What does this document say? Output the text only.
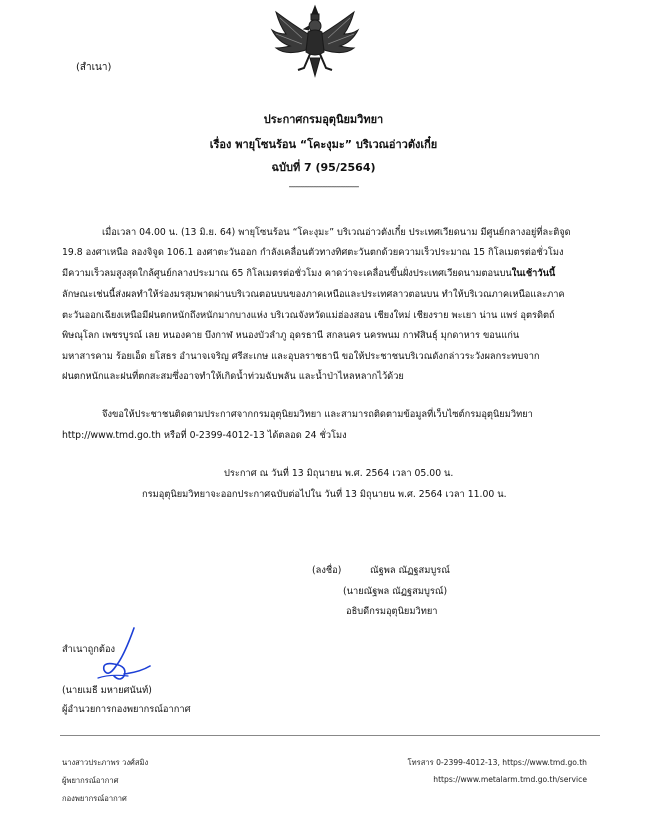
(สำเนา)
ประกาศกรมอุตุนิยมวิทยา
เรื่อง พายุโซนร้อน “โคะงุมะ” บริเวณอ่าวตังเกี๋ย
ฉบับที่ 7 (95/2564)
-------------------------------
เมื่อเวลา 04.00 น. (13 มิ.ย. 64) พายุโซนร้อน “โคะงุมะ” บริเวณอ่าวตังเกี๋ย ประเทศเวียดนาม มีศูนย์กลางอยู่ที่ละติจูด
19.8 องศาเหนือ ลองจิจูด 106.1 องศาตะวันออก กำลังเคลื่อนตัวทางทิศตะวันตกด้วยความเร็วประมาณ 15 กิโลเมตรต่อชั่วโมง
มีความเร็วลมสูงสุดใกล้ศูนย์กลางประมาณ 65 กิโลเมตรต่อชั่วโมง คาดว่าจะเคลื่อนขึ้นฝั่งประเทศเวียดนามตอนบนในเช้าวันนี้
ลักษณะเช่นนี้ส่งผลทำให้ร่องมรสุมพาดผ่านบริเวณตอนบนของภาคเหนือและประเทศลาวตอนบน ทำให้บริเวณภาคเหนือและภาค
ตะวันออกเฉียงเหนือมีฝนตกหนักถึงหนักมากบางแห่ง บริเวณจังหวัดแม่ฮ่องสอน เชียงใหม่ เชียงราย พะเยา น่าน แพร่ อุตรดิตถ์
พิษณุโลก เพชรบูรณ์ เลย หนองคาย บึงกาฬ หนองบัวลำภู อุดรธานี สกลนคร นครพนม กาฬสินธุ์ มุกดาหาร ขอนแก่น
มหาสารคาม ร้อยเอ็ด ยโสธร อำนาจเจริญ ศรีสะเกษ และอุบลราชธานี ขอให้ประชาชนบริเวณดังกล่าวระวังผลกระทบจาก
ฝนตกหนักและฝนที่ตกสะสมซึ่งอาจทำให้เกิดน้ำท่วมฉับพลัน และน้ำป่าไหลหลากไว้ด้วย
จึงขอให้ประชาชนติดตามประกาศจากกรมอุตุนิยมวิทยา และสามารถติดตามข้อมูลที่เว็บไซต์กรมอุตุนิยมวิทยา
http://www.tmd.go.th หรือที่ 0-2399-4012-13 ได้ตลอด 24 ชั่วโมง
ประกาศ ณ วันที่ 13 มิถุนายน พ.ศ. 2564 เวลา 05.00 น.
กรมอุตุนิยมวิทยาจะออกประกาศฉบับต่อไปใน วันที่ 13 มิถุนายน พ.ศ. 2564 เวลา 11.00 น.
(ลงชื่อ)	ณัฐพล ณัฏฐสมบูรณ์
(นายณัฐพล ณัฏฐสมบูรณ์)
อธิบดีกรมอุตุนิยมวิทยา
สำเนาถูกต้อง
(นายเมธี มหายศนันท์)
ผู้อำนวยการกองพยากรณ์อากาศ
นางสาวประภาพร วงศ์สมิง
ผู้พยากรณ์อากาศ
กองพยากรณ์อากาศ
โทรสาร 0-2399-4012-13, https://www.tmd.go.th
https://www.metalarm.tmd.go.th/service
